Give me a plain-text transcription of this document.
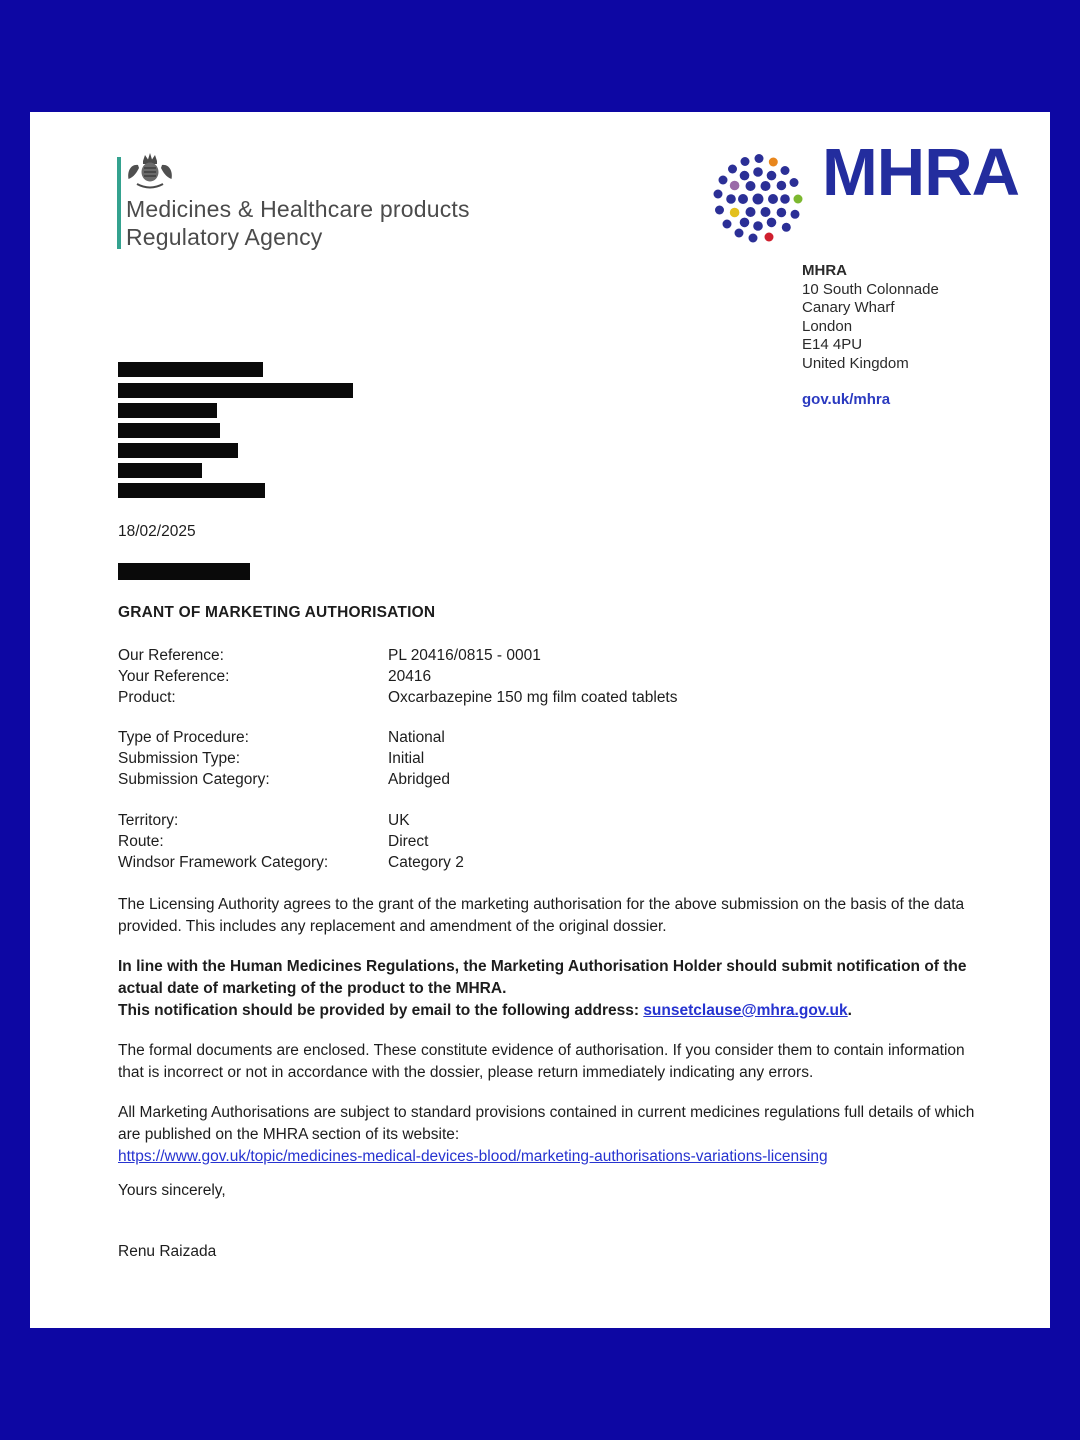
Medicines & Healthcare products
Regulatory Agency
MHRA
MHRA
10 South Colonnade
Canary Wharf
London
E14 4PU
United Kingdom
gov.uk/mhra
18/02/2025
GRANT OF MARKETING AUTHORISATION
Our Reference:	PL 20416/0815 - 0001
Your Reference:	20416
Product:	Oxcarbazepine 150 mg film coated tablets
Type of Procedure:	National
Submission Type:	Initial
Submission Category:	Abridged
Territory:	UK
Route:	Direct
Windsor Framework Category:	Category 2
The Licensing Authority agrees to the grant of the marketing authorisation for the above submission on the basis of the data provided. This includes any replacement and amendment of the original dossier.
In line with the Human Medicines Regulations, the Marketing Authorisation Holder should submit notification of the actual date of marketing of the product to the MHRA.
This notification should be provided by email to the following address: sunsetclause@mhra.gov.uk.
The formal documents are enclosed. These constitute evidence of authorisation. If you consider them to contain information that is incorrect or not in accordance with the dossier, please return immediately indicating any errors.
All Marketing Authorisations are subject to standard provisions contained in current medicines regulations full details of which are published on the MHRA section of its website:
https://www.gov.uk/topic/medicines-medical-devices-blood/marketing-authorisations-variations-licensing
Yours sincerely,
Renu Raizada
